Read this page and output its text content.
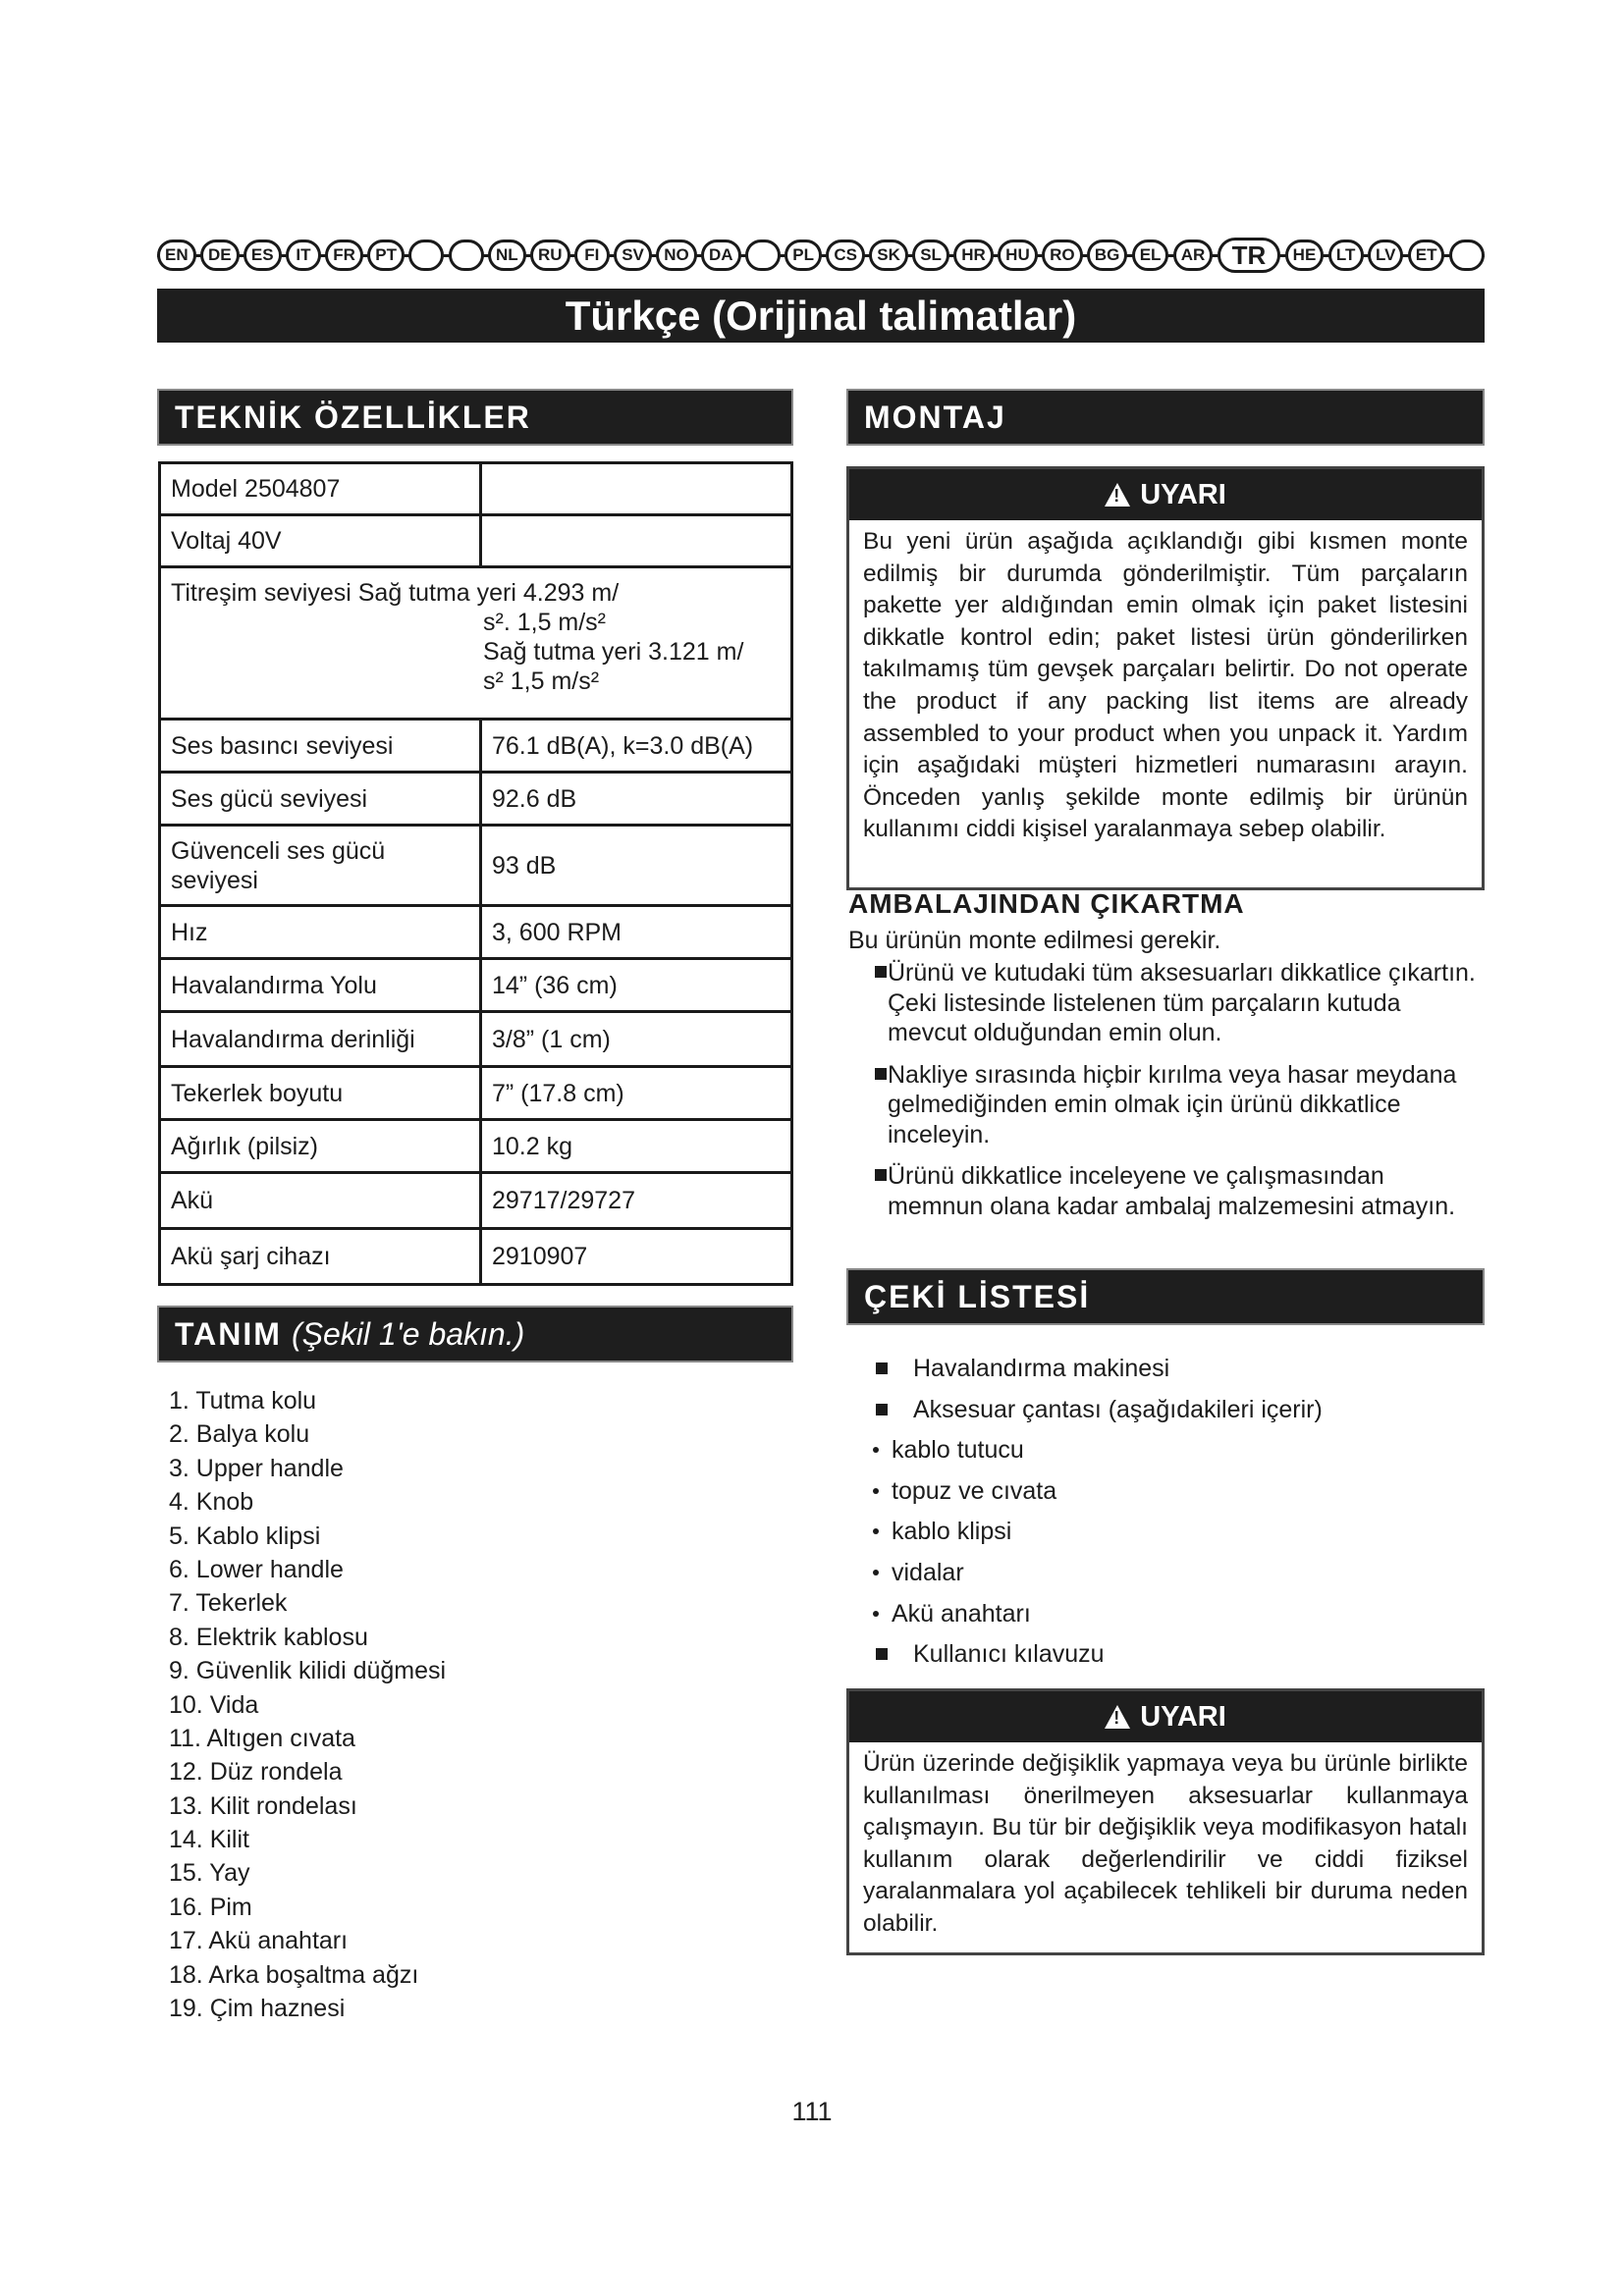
EN	DE	ES	IT	FR	PT	NL	RU	FI	SV	NO	DA	PL	CS	SK	SL	HR	HU	RO	BG	EL	AR	TR	HE	LT	LV	ET
Türkçe (Orijinal talimatlar)
TEKNİK ÖZELLİKLER
Model 2504807	
Voltaj 40V	

Titreşim seviyesi Sağ tutma yeri 4.293 m/
s². 1,5 m/s²
Sağ tutma yeri 3.121 m/
s² 1,5 m/s²	

Ses basıncı seviyesi	76.1 dB(A), k=3.0 dB(A)
Ses gücü seviyesi	92.6 dB
Güvenceli ses gücü seviyesi	93 dB
Hız	3, 600 RPM
Havalandırma Yolu	14” (36 cm)
Havalandırma derinliği	3/8” (1 cm)
Tekerlek boyutu	7” (17.8 cm)
Ağırlık (pilsiz)	10.2 kg
Akü	29717/29727
Akü şarj cihazı	2910907
TANIM (Şekil 1'e bakın.)
1. Tutma kolu
2. Balya kolu
3. Upper handle
4. Knob
5. Kablo klipsi
6. Lower handle
7. Tekerlek
8. Elektrik kablosu
9. Güvenlik kilidi düğmesi
10. Vida
11. Altıgen cıvata
12. Düz rondela
13. Kilit rondelası
14. Kilit
15. Yay
16. Pim
17. Akü anahtarı
18. Arka boşaltma ağzı
19. Çim haznesi
MONTAJ
!
UYARI
Bu yeni ürün aşağıda açıklandığı gibi kısmen monte edilmiş bir durumda gönderilmiştir. Tüm parçaların pakette yer aldığından emin olmak için paket listesini dikkatle kontrol edin; paket listesi ürün gönderilirken takılmamış tüm gevşek parçaları belirtir. Do not operate the product if any packing list items are already assembled to your product when you unpack it. Yardım için aşağıdaki müşteri hizmetleri numarasını arayın. Önceden yanlış şekilde monte edilmiş bir ürünün kullanımı ciddi kişisel yaralanmaya sebep olabilir.
AMBALAJINDAN ÇIKARTMA
Bu ürünün monte edilmesi gerekir.
Ürünü ve kutudaki tüm aksesuarları dikkatlice çıkartın. Çeki listesinde listelenen tüm parçaların kutuda mevcut olduğundan emin olun.
Nakliye sırasında hiçbir kırılma veya hasar meydana gelmediğinden emin olmak için ürünü dikkatlice inceleyin.
Ürünü dikkatlice inceleyene ve çalışmasından memnun olana kadar ambalaj malzemesini atmayın.
ÇEKİ LİSTESİ
Havalandırma makinesi
Aksesuar çantası (aşağıdakileri içerir)
kablo tutucu
topuz ve cıvata
kablo klipsi
vidalar
Akü anahtarı
Kullanıcı kılavuzu
!
UYARI
Ürün üzerinde değişiklik yapmaya veya bu ürünle birlikte kullanılması önerilmeyen aksesuarlar kullanmaya çalışmayın. Bu tür bir değişiklik veya modifikasyon hatalı kullanım olarak değerlendirilir ve ciddi fiziksel yaralanmalara yol açabilecek tehlikeli bir duruma neden olabilir.
111
